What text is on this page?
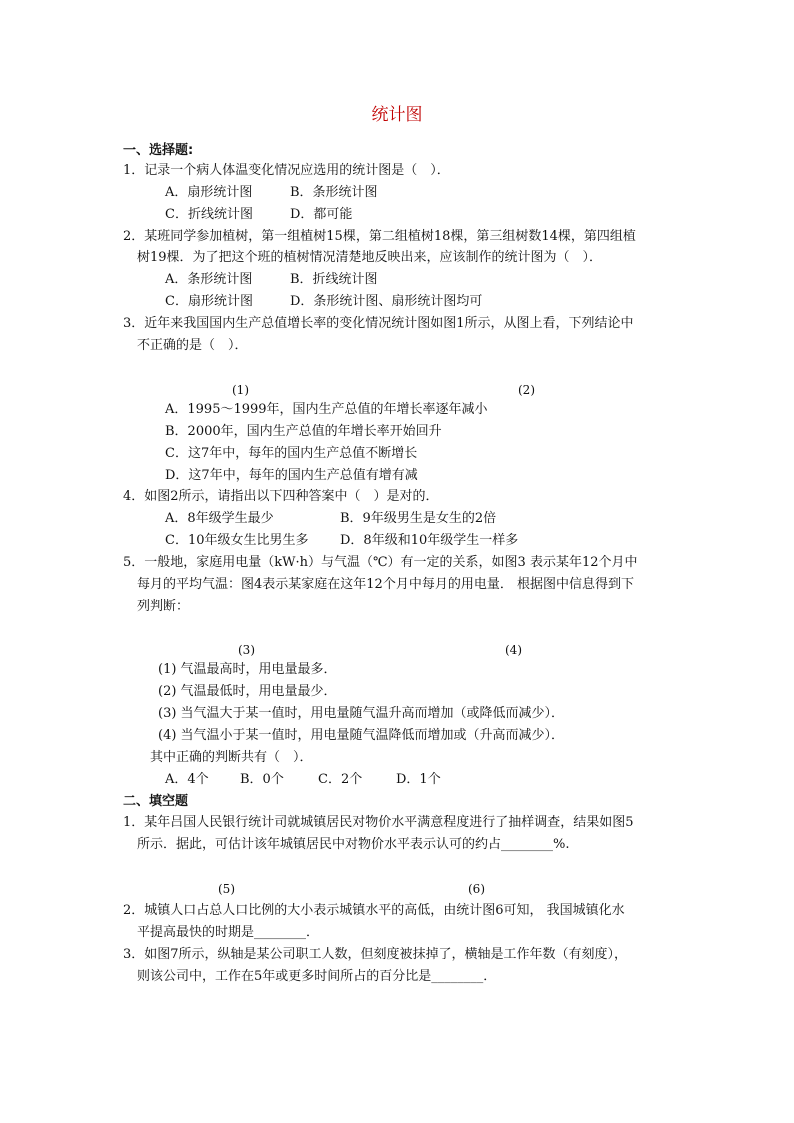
统计图
一、选择题:
1．记录一个病人体温变化情况应选用的统计图是（　）．
A．扇形统计图	B．条形统计图
C．折线统计图	D．都可能
2．某班同学参加植树，第一组植树15棵，第二组植树18棵，第三组树数14棵，第四组植
树19棵．为了把这个班的植树情况清楚地反映出来，应该制作的统计图为（　）．
A．条形统计图	B．折线统计图
C．扇形统计图	D．条形统计图、扇形统计图均可
3．近年来我国国内生产总值增长率的变化情况统计图如图1所示，从图上看，下列结论中
不正确的是（　）．
(1)	(2)
A．1995～1999年，国内生产总值的年增长率逐年减小
B．2000年，国内生产总值的年增长率开始回升
C．这7年中，每年的国内生产总值不断增长
D．这7年中，每年的国内生产总值有增有减
4．如图2所示，请指出以下四种答案中（　）是对的．
A．8年级学生最少	B．9年级男生是女生的2倍
C．10年级女生比男生多 D．8年级和10年级学生一样多
5．一般地，家庭用电量（kW·h）与气温（℃）有一定的关系，如图3 表示某年12个月中
每月的平均气温：图4表示某家庭在这年12个月中每月的用电量． 根据图中信息得到下
列判断：
(3)	(4)
(1) 气温最高时，用电量最多．
(2) 气温最低时，用电量最少．
(3) 当气温大于某一值时，用电量随气温升高而增加（或降低而减少）．
(4) 当气温小于某一值时，用电量随气温降低而增加或（升高而减少）．
其中正确的判断共有（　）．
A．4个 B．0个	C．2个	D．1个
二、填空题
1．某年吕国人民银行统计司就城镇居民对物价水平满意程度进行了抽样调查，结果如图5
所示．据此，可估计该年城镇居民中对物价水平表示认可的约占________%.
(5)	(6)
2．城镇人口占总人口比例的大小表示城镇水平的高低，由统计图6可知， 我国城镇化水
平提高最快的时期是________．
3．如图7所示，纵轴是某公司职工人数，但刻度被抹掉了，横轴是工作年数（有刻度），
则该公司中，工作在5年或更多时间所占的百分比是________．
